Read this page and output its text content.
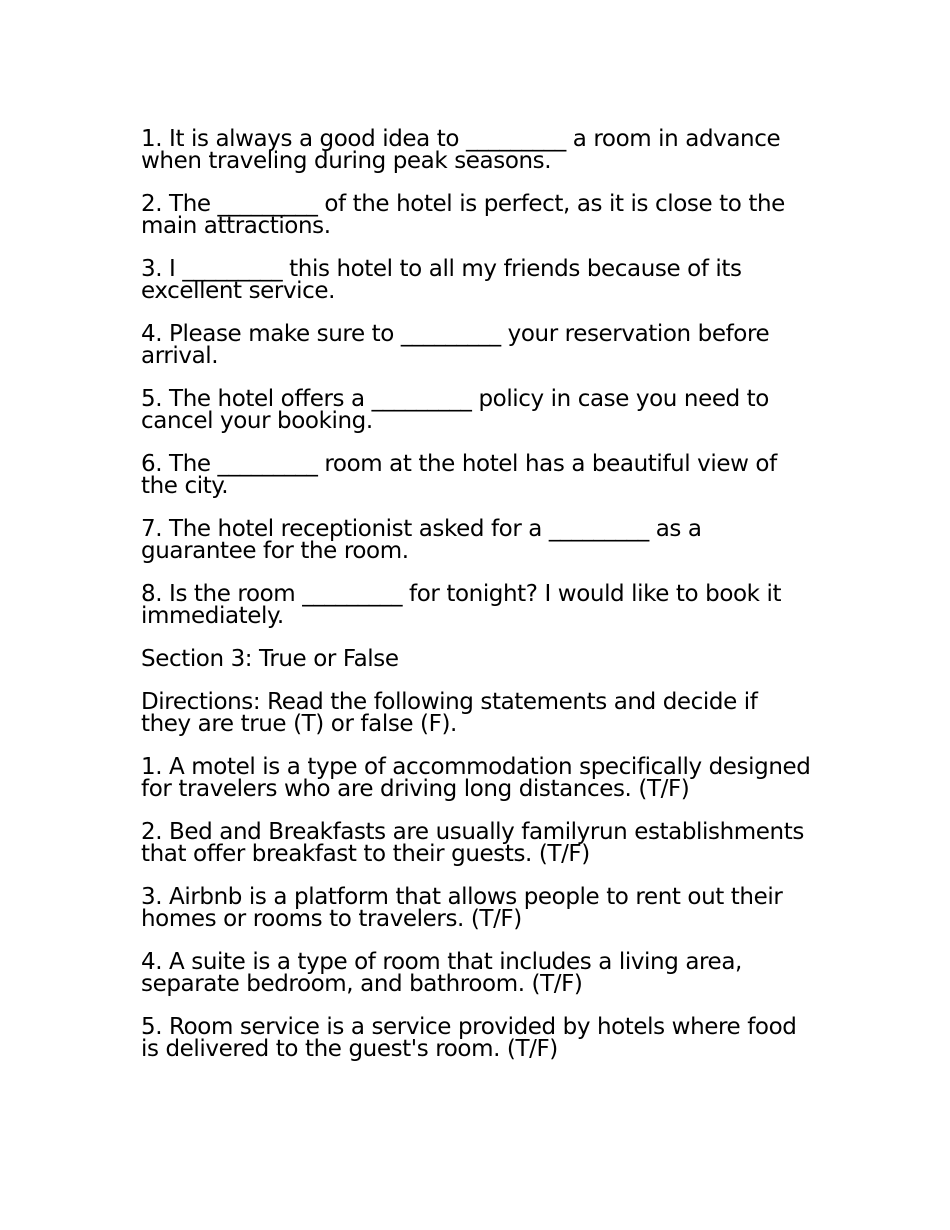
1. It is always a good idea to _________ a room in advance when traveling during peak seasons.

2. The _________ of the hotel is perfect, as it is close to the main attractions.

3. I _________ this hotel to all my friends because of its excellent service.

4. Please make sure to _________ your reservation before arrival.

5. The hotel offers a _________ policy in case you need to cancel your booking.

6. The _________ room at the hotel has a beautiful view of the city.

7. The hotel receptionist asked for a _________ as a guarantee for the room.

8. Is the room _________ for tonight? I would like to book it immediately.

Section 3: True or False

Directions: Read the following statements and decide if they are true (T) or false (F).

1. A motel is a type of accommodation specifically designed for travelers who are driving long distances. (T/F)

2. Bed and Breakfasts are usually familyrun establishments that offer breakfast to their guests. (T/F)

3. Airbnb is a platform that allows people to rent out their homes or rooms to travelers. (T/F)

4. A suite is a type of room that includes a living area, separate bedroom, and bathroom. (T/F)

5. Room service is a service provided by hotels where food is delivered to the guest's room. (T/F)
